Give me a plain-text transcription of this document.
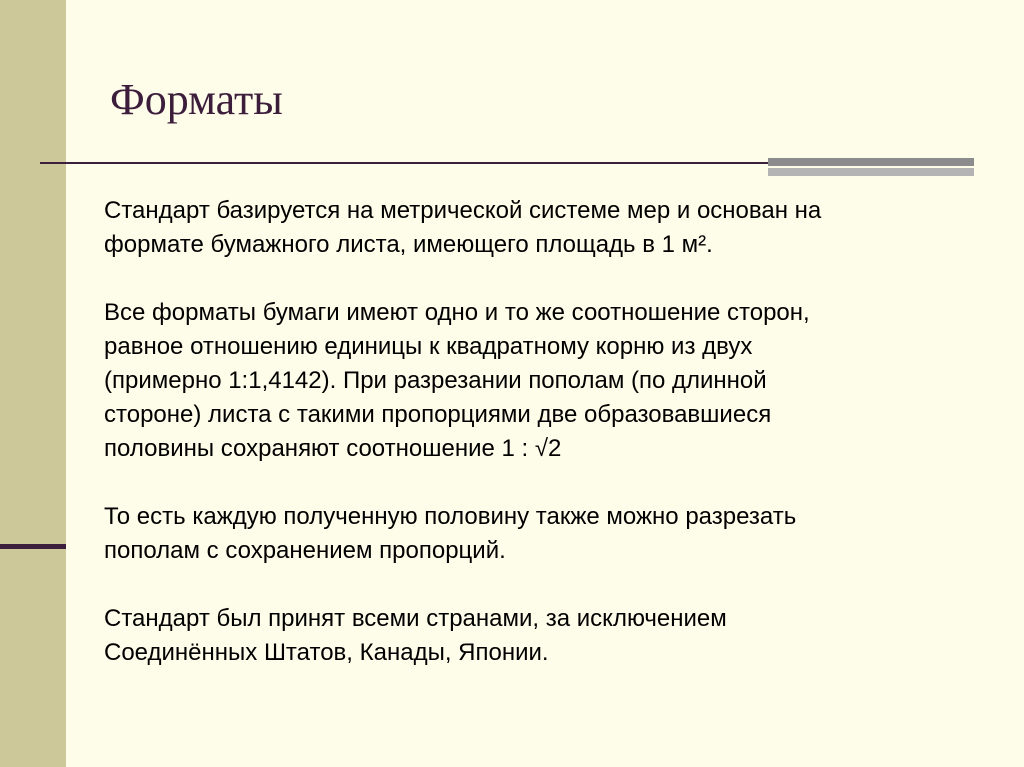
Форматы

Стандарт базируется на метрической системе мер и основан на
формате бумажного листа, имеющего площадь в 1 м².

Все форматы бумаги имеют одно и то же соотношение сторон,
равное отношению единицы к квадратному корню из двух
(примерно 1:1,4142). При разрезании пополам (по длинной
стороне) листа с такими пропорциями две образовавшиеся
половины сохраняют соотношение 1 : √2

То есть каждую полученную половину также можно разрезать
пополам с сохранением пропорций.

Стандарт был принят всеми странами, за исключением
Соединённых Штатов, Канады, Японии.
